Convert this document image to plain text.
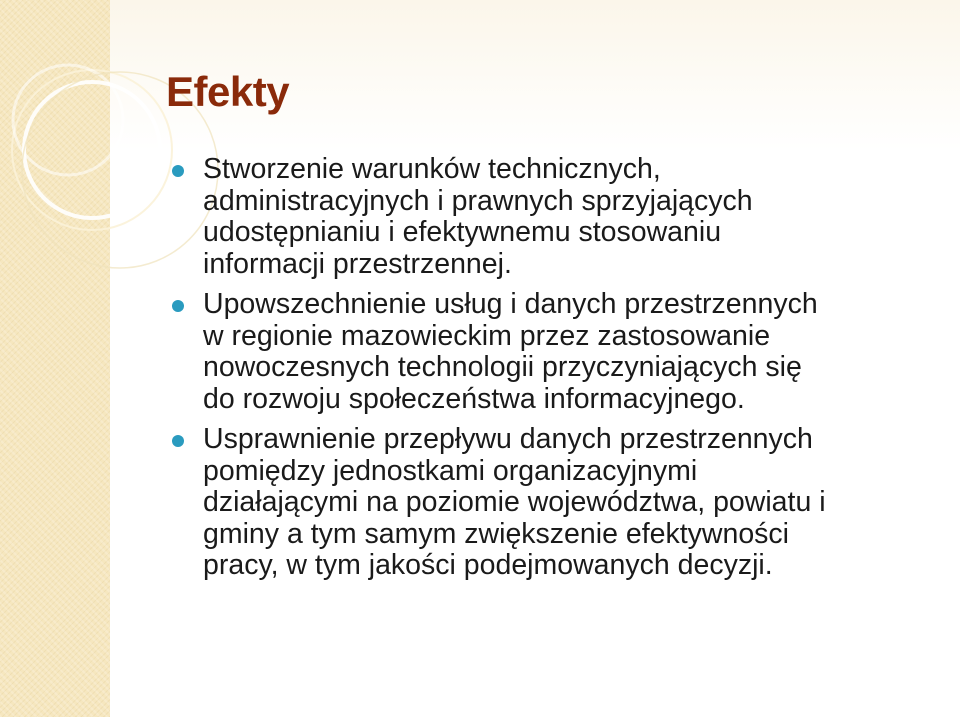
Efekty
Stworzenie warunków technicznych,
administracyjnych i prawnych sprzyjających
udostępnianiu i efektywnemu stosowaniu
informacji przestrzennej.
Upowszechnienie usług i danych przestrzennych
w regionie mazowieckim przez zastosowanie
nowoczesnych technologii przyczyniających się
do rozwoju społeczeństwa informacyjnego.
Usprawnienie przepływu danych przestrzennych
pomiędzy jednostkami organizacyjnymi
działającymi na poziomie województwa, powiatu i
gminy a tym samym zwiększenie efektywności
pracy, w tym jakości podejmowanych decyzji.
